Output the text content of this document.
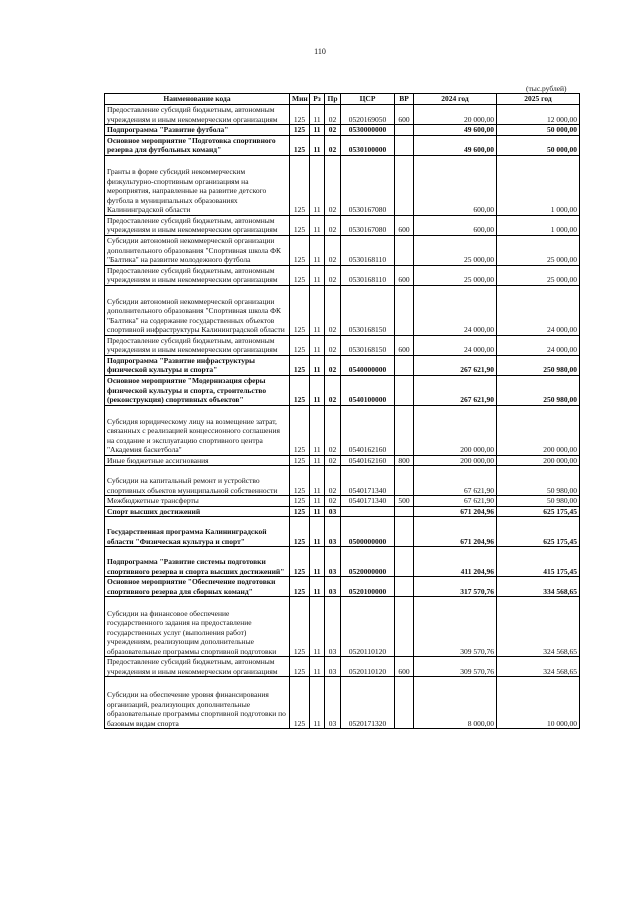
110
(тыс.рублей)
Наименование кода	Мин	Рз	Пр	ЦСР	ВР	2024 год	2025 год
Предоставление субсидий бюджетным, автономным учреждениям и иным некоммерческим организациям	125	11	02	0520169050	600	20 000,00	12 000,00
Подпрограмма "Развитие футбола"	125	11	02	0530000000		49 600,00	50 000,00
Основное мероприятие "Подготовка спортивного резерва для футбольных команд"	125	11	02	0530100000		49 600,00	50 000,00
Гранты в форме субсидий некоммерческим физкультурно-спортивным организациям на мероприятия, направленные на развитие детского футбола в муниципальных образованиях Калининградской области	125	11	02	0530167080		600,00	1 000,00
Предоставление субсидий бюджетным, автономным учреждениям и иным некоммерческим организациям	125	11	02	0530167080	600	600,00	1 000,00
Субсидии автономной некоммерческой организации дополнительного образования "Спортивная школа ФК "Балтика" на развитие молодежного футбола	125	11	02	0530168110		25 000,00	25 000,00
Предоставление субсидий бюджетным, автономным учреждениям и иным некоммерческим организациям	125	11	02	0530168110	600	25 000,00	25 000,00
Субсидии автономной некоммерческой организации дополнительного образования "Спортивная школа ФК "Балтика" на содержание государственных объектов спортивной инфраструктуры Калининградской области	125	11	02	0530168150		24 000,00	24 000,00
Предоставление субсидий бюджетным, автономным учреждениям и иным некоммерческим организациям	125	11	02	0530168150	600	24 000,00	24 000,00
Подпрограмма "Развитие инфраструктуры физической культуры и спорта"	125	11	02	0540000000		267 621,90	250 980,00
Основное мероприятие "Модернизация сферы физической культуры и спорта, строительство (реконструкция) спортивных объектов"	125	11	02	0540100000		267 621,90	250 980,00
Субсидия юридическому лицу на возмещение затрат, связанных с реализацией концессионного соглашения на создание и эксплуатацию спортивного центра "Академия баскетбола"	125	11	02	0540162160		200 000,00	200 000,00
Иные бюджетные ассигнования	125	11	02	0540162160	800	200 000,00	200 000,00
Субсидии на капитальный ремонт и устройство спортивных объектов муниципальной собственности	125	11	02	0540171340		67 621,90	50 980,00
Межбюджетные трансферты	125	11	02	0540171340	500	67 621,90	50 980,00
Спорт высших достижений	125	11	03			671 204,96	625 175,45
Государственная программа Калининградской области "Физическая культура и спорт"	125	11	03	0500000000		671 204,96	625 175,45
Подпрограмма "Развитие системы подготовки спортивного резерва и спорта высших достижений"	125	11	03	0520000000		411 204,96	415 175,45
Основное мероприятие "Обеспечение подготовки спортивного резерва для сборных команд"	125	11	03	0520100000		317 570,76	334 568,65
Субсидии на финансовое обеспечение государственного задания на предоставление государственных услуг (выполнения работ) учреждениям, реализующим дополнительные образовательные программы спортивной подготовки	125	11	03	0520110120		309 570,76	324 568,65
Предоставление субсидий бюджетным, автономным учреждениям и иным некоммерческим организациям	125	11	03	0520110120	600	309 570,76	324 568,65
Субсидии на обеспечение уровня финансирования организаций, реализующих дополнительные образовательные программы спортивной подготовки по базовым видам спорта	125	11	03	0520171320		8 000,00	10 000,00
